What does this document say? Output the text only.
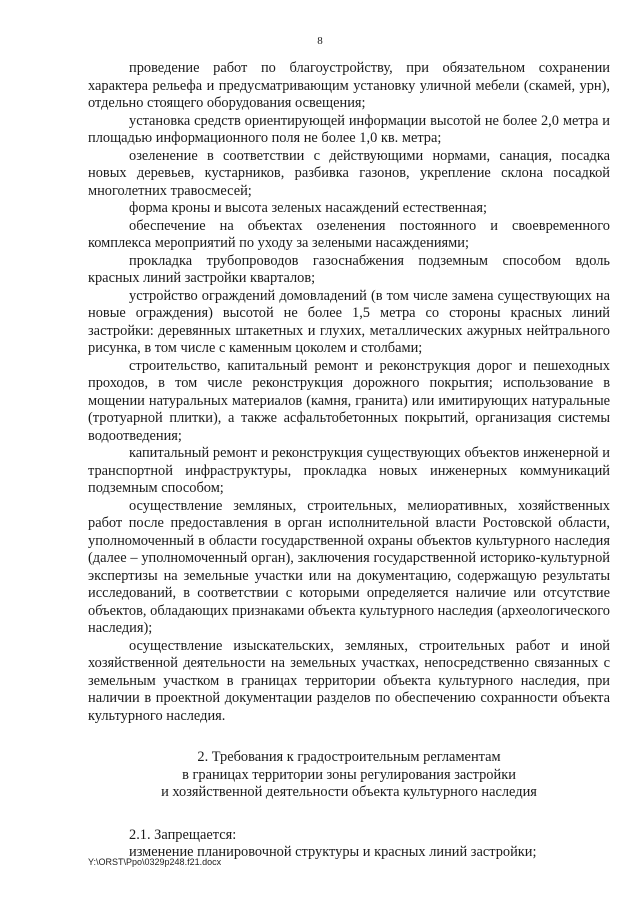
8

проведение работ по благоустройству, при обязательном сохранении характера рельефа и предусматривающим установку уличной мебели (скамей, урн), отдельно стоящего оборудования освещения;

установка средств ориентирующей информации высотой не более 2,0 метра и площадью информационного поля не более 1,0 кв. метра;

озеленение в соответствии с действующими нормами, санация, посадка новых деревьев, кустарников, разбивка газонов, укрепление склона посадкой многолетних травосмесей;

форма кроны и высота зеленых насаждений естественная;

обеспечение на объектах озеленения постоянного и своевременного комплекса мероприятий по уходу за зелеными насаждениями;

прокладка трубопроводов газоснабжения подземным способом вдоль красных линий застройки кварталов;

устройство ограждений домовладений (в том числе замена существующих на новые ограждения) высотой не более 1,5 метра со стороны красных линий застройки: деревянных штакетных и глухих, металлических ажурных нейтрального рисунка, в том числе с каменным цоколем и столбами;

строительство, капитальный ремонт и реконструкция дорог и пешеходных проходов, в том числе реконструкция дорожного покрытия; использование в мощении натуральных материалов (камня, гранита) или имитирующих натуральные (тротуарной плитки), а также асфальтобетонных покрытий, организация системы водоотведения;

капитальный ремонт и реконструкция существующих объектов инженерной и транспортной инфраструктуры, прокладка новых инженерных коммуникаций подземным способом;

осуществление земляных, строительных, мелиоративных, хозяйственных работ после предоставления в орган исполнительной власти Ростовской области, уполномоченный в области государственной охраны объектов культурного наследия (далее – уполномоченный орган), заключения государственной историко-культурной экспертизы на земельные участки или на документацию, содержащую результаты исследований, в соответствии с которыми определяется наличие или отсутствие объектов, обладающих признаками объекта культурного наследия (археологического наследия);

осуществление изыскательских, земляных, строительных работ и иной хозяйственной деятельности на земельных участках, непосредственно связанных с земельным участком в границах территории объекта культурного наследия, при наличии в проектной документации разделов по обеспечению сохранности объекта культурного наследия.

2. Требования к градостроительным регламентам
в границах территории зоны регулирования застройки
и хозяйственной деятельности объекта культурного наследия

2.1. Запрещается:

изменение планировочной структуры и красных линий застройки;

Y:\ORST\Ppo\0329p248.f21.docx
